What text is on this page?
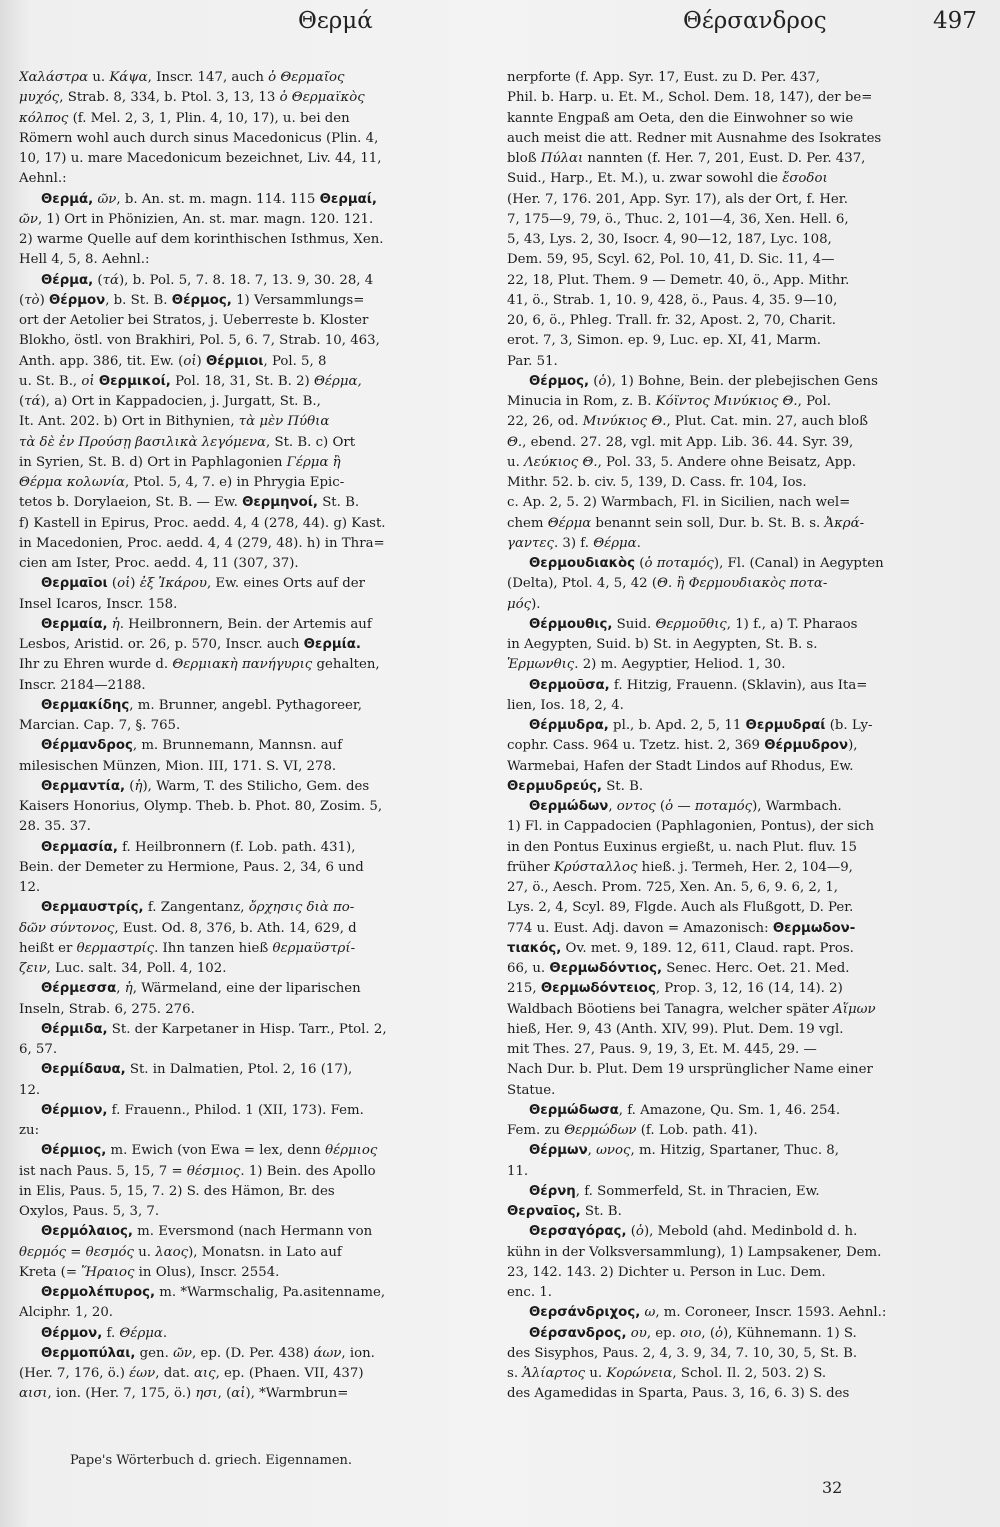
Θερμά	Θέρσανδρος	497
Χαλάστρα u. Κάψα, Inscr. 147, auch ὁ Θερμαῖος
μυχός, Strab. 8, 334, b. Ptol. 3, 13, 13 ὁ Θερμαϊκὸς
κόλπος (f. Mel. 2, 3, 1, Plin. 4, 10, 17), u. bei den
Römern wohl auch durch sinus Macedonicus (Plin. 4,
10, 17) u. mare Macedonicum bezeichnet, Liv. 44, 11,
Aehnl.:
Θερμά, ῶν, b. An. st. m. magn. 114. 115 Θερμαί,
ῶν, 1) Ort in Phönizien, An. st. mar. magn. 120. 121.
2) warme Quelle auf dem korinthischen Isthmus, Xen.
Hell 4, 5, 8. Aehnl.:
Θέρμα, (τά), b. Pol. 5, 7. 8. 18. 7, 13. 9, 30. 28, 4
(τὸ) Θέρμον, b. St. B. Θέρμος, 1) Versammlungs=
ort der Aetolier bei Stratos, j. Ueberreste b. Kloster
Blokho, östl. von Brakhiri, Pol. 5, 6. 7, Strab. 10, 463,
Anth. app. 386, tit. Ew. (οἱ) Θέρμιοι, Pol. 5, 8
u. St. B., οἱ Θερμικοί, Pol. 18, 31, St. B. 2) Θέρμα,
(τά), a) Ort in Kappadocien, j. Jurgatt, St. B.,
It. Ant. 202. b) Ort in Bithynien, τὰ μὲν Πύθια
τὰ δὲ ἐν Προύσῃ βασιλικὰ λεγόμενα, St. B. c) Ort
in Syrien, St. B. d) Ort in Paphlagonien Γέρμα ἢ
Θέρμα κολωνία, Ptol. 5, 4, 7. e) in Phrygia Epic-
tetos b. Dorylaeion, St. B. — Ew. Θερμηνοί, St. B.
f) Kastell in Epirus, Proc. aedd. 4, 4 (278, 44). g) Kast.
in Macedonien, Proc. aedd. 4, 4 (279, 48). h) in Thra=
cien am Ister, Proc. aedd. 4, 11 (307, 37).
Θερμαῖοι (οἱ) ἐξ Ἰκάρου, Ew. eines Orts auf der
Insel Icaros, Inscr. 158.
Θερμαία, ἡ. Heilbronnern, Bein. der Artemis auf
Lesbos, Aristid. or. 26, p. 570, Inscr. auch Θερμία.
Ihr zu Ehren wurde d. Θερμιακὴ πανήγυρις gehalten,
Inscr. 2184—2188.
Θερμακίδης, m. Brunner, angebl. Pythagoreer,
Marcian. Cap. 7, §. 765.
Θέρμανδρος, m. Brunnemann, Mannsn. auf
milesischen Münzen, Mion. III, 171. S. VI, 278.
Θερμαντία, (ἡ), Warm, T. des Stilicho, Gem. des
Kaisers Honorius, Olymp. Theb. b. Phot. 80, Zosim. 5,
28. 35. 37.
Θερμασία, f. Heilbronnern (f. Lob. path. 431),
Bein. der Demeter zu Hermione, Paus. 2, 34, 6 und
12.
Θερμαυστρίς, f. Zangentanz, ὄρχησις διὰ πο-
δῶν σύντονος, Eust. Od. 8, 376, b. Ath. 14, 629, d
heißt er θερμαστρίς. Ihn tanzen hieß θερμαϋστρί-
ζειν, Luc. salt. 34, Poll. 4, 102.
Θέρμεσσα, ἡ, Wärmeland, eine der liparischen
Inseln, Strab. 6, 275. 276.
Θέρμιδα, St. der Karpetaner in Hisp. Tarr., Ptol. 2,
6, 57.
Θερμίδαυα, St. in Dalmatien, Ptol. 2, 16 (17),
12.
Θέρμιον, f. Frauenn., Philod. 1 (XII, 173). Fem.
zu:
Θέρμιος, m. Ewich (von Ewa = lex, denn θέρμιος
ist nach Paus. 5, 15, 7 = θέσμιος. 1) Bein. des Apollo
in Elis, Paus. 5, 15, 7. 2) S. des Hämon, Br. des
Oxylos, Paus. 5, 3, 7.
Θερμόλαιος, m. Eversmond (nach Hermann von
θερμός = θεσμός u. λαος), Monatsn. in Lato auf
Kreta (= Ἥραιος in Olus), Inscr. 2554.
Θερμολέπυρος, m. *Warmschalig, Pa.asitenname,
Alciphr. 1, 20.
Θέρμον, f. Θέρμα.
Θερμοπύλαι, gen. ῶν, ep. (D. Per. 438) άων, ion.
(Her. 7, 176, ö.) έων, dat. αις, ep. (Phaen. VII, 437)
αισι, ion. (Her. 7, 175, ö.) ησι, (αἱ), *Warmbrun=
nerpforte (f. App. Syr. 17, Eust. zu D. Per. 437,
Phil. b. Harp. u. Et. M., Schol. Dem. 18, 147), der be=
kannte Engpaß am Oeta, den die Einwohner so wie
auch meist die att. Redner mit Ausnahme des Isokrates
bloß Πύλαι nannten (f. Her. 7, 201, Eust. D. Per. 437,
Suid., Harp., Et. M.), u. zwar sowohl die ἔσοδοι
(Her. 7, 176. 201, App. Syr. 17), als der Ort, f. Her.
7, 175—9, 79, ö., Thuc. 2, 101—4, 36, Xen. Hell. 6,
5, 43, Lys. 2, 30, Isocr. 4, 90—12, 187, Lyc. 108,
Dem. 59, 95, Scyl. 62, Pol. 10, 41, D. Sic. 11, 4—
22, 18, Plut. Them. 9 — Demetr. 40, ö., App. Mithr.
41, ö., Strab. 1, 10. 9, 428, ö., Paus. 4, 35. 9—10,
20, 6, ö., Phleg. Trall. fr. 32, Apost. 2, 70, Charit.
erot. 7, 3, Simon. ep. 9, Luc. ep. XI, 41, Marm.
Par. 51.
Θέρμος, (ὁ), 1) Bohne, Bein. der plebejischen Gens
Minucia in Rom, z. B. Κόϊντος Μινύκιος Θ., Pol.
22, 26, od. Μινύκιος Θ., Plut. Cat. min. 27, auch bloß
Θ., ebend. 27. 28, vgl. mit App. Lib. 36. 44. Syr. 39,
u. Λεύκιος Θ., Pol. 33, 5. Andere ohne Beisatz, App.
Mithr. 52. b. civ. 5, 139, D. Cass. fr. 104, Ios.
c. Ap. 2, 5. 2) Warmbach, Fl. in Sicilien, nach wel=
chem Θέρμα benannt sein soll, Dur. b. St. B. s. Ἀκρά-
γαντες. 3) f. Θέρμα.
Θερμουδιακὸς (ὁ ποταμός), Fl. (Canal) in Aegypten
(Delta), Ptol. 4, 5, 42 (Θ. ἢ Φερμουδιακὸς ποτα-
μός).
Θέρμουθις, Suid. Θερμοῦθις, 1) f., a) T. Pharaos
in Aegypten, Suid. b) St. in Aegypten, St. B. s.
Ἑρμωνθις. 2) m. Aegyptier, Heliod. 1, 30.
Θερμοῦσα, f. Hitzig, Frauenn. (Sklavin), aus Ita=
lien, Ios. 18, 2, 4.
Θέρμυδρα, pl., b. Apd. 2, 5, 11 Θερμυδραί (b. Ly-
cophr. Cass. 964 u. Tzetz. hist. 2, 369 Θέρμυδρον),
Warmebai, Hafen der Stadt Lindos auf Rhodus, Ew.
Θερμυδρεύς, St. B.
Θερμώδων, οντος (ὁ — ποταμός), Warmbach.
1) Fl. in Cappadocien (Paphlagonien, Pontus), der sich
in den Pontus Euxinus ergießt, u. nach Plut. fluv. 15
früher Κρύσταλλος hieß. j. Termeh, Her. 2, 104—9,
27, ö., Aesch. Prom. 725, Xen. An. 5, 6, 9. 6, 2, 1,
Lys. 2, 4, Scyl. 89, Flgde. Auch als Flußgott, D. Per.
774 u. Eust. Adj. davon = Amazonisch: Θερμωδον-
τιακός, Ov. met. 9, 189. 12, 611, Claud. rapt. Pros.
66, u. Θερμωδόντιος, Senec. Herc. Oet. 21. Med.
215, Θερμωδόντειος, Prop. 3, 12, 16 (14, 14). 2)
Waldbach Böotiens bei Tanagra, welcher später Αἵμων
hieß, Her. 9, 43 (Anth. XIV, 99). Plut. Dem. 19 vgl.
mit Thes. 27, Paus. 9, 19, 3, Et. M. 445, 29. —
Nach Dur. b. Plut. Dem 19 ursprünglicher Name einer
Statue.
Θερμώδωσα, f. Amazone, Qu. Sm. 1, 46. 254.
Fem. zu Θερμώδων (f. Lob. path. 41).
Θέρμων, ωνος, m. Hitzig, Spartaner, Thuc. 8,
11.
Θέρνη, f. Sommerfeld, St. in Thracien, Ew.
Θερναῖος, St. B.
Θερσαγόρας, (ὁ), Mebold (ahd. Medinbold d. h.
kühn in der Volksversammlung), 1) Lampsakener, Dem.
23, 142. 143. 2) Dichter u. Person in Luc. Dem.
enc. 1.
Θερσάνδριχος, ω, m. Coroneer, Inscr. 1593. Aehnl.:
Θέρσανδρος, ου, ep. οιο, (ὁ), Kühnemann. 1) S.
des Sisyphos, Paus. 2, 4, 3. 9, 34, 7. 10, 30, 5, St. B.
s. Ἁλίαρτος u. Κορώνεια, Schol. Il. 2, 503. 2) S.
des Agamedidas in Sparta, Paus. 3, 16, 6. 3) S. des
Pape's Wörterbuch d. griech. Eigennamen.
32
